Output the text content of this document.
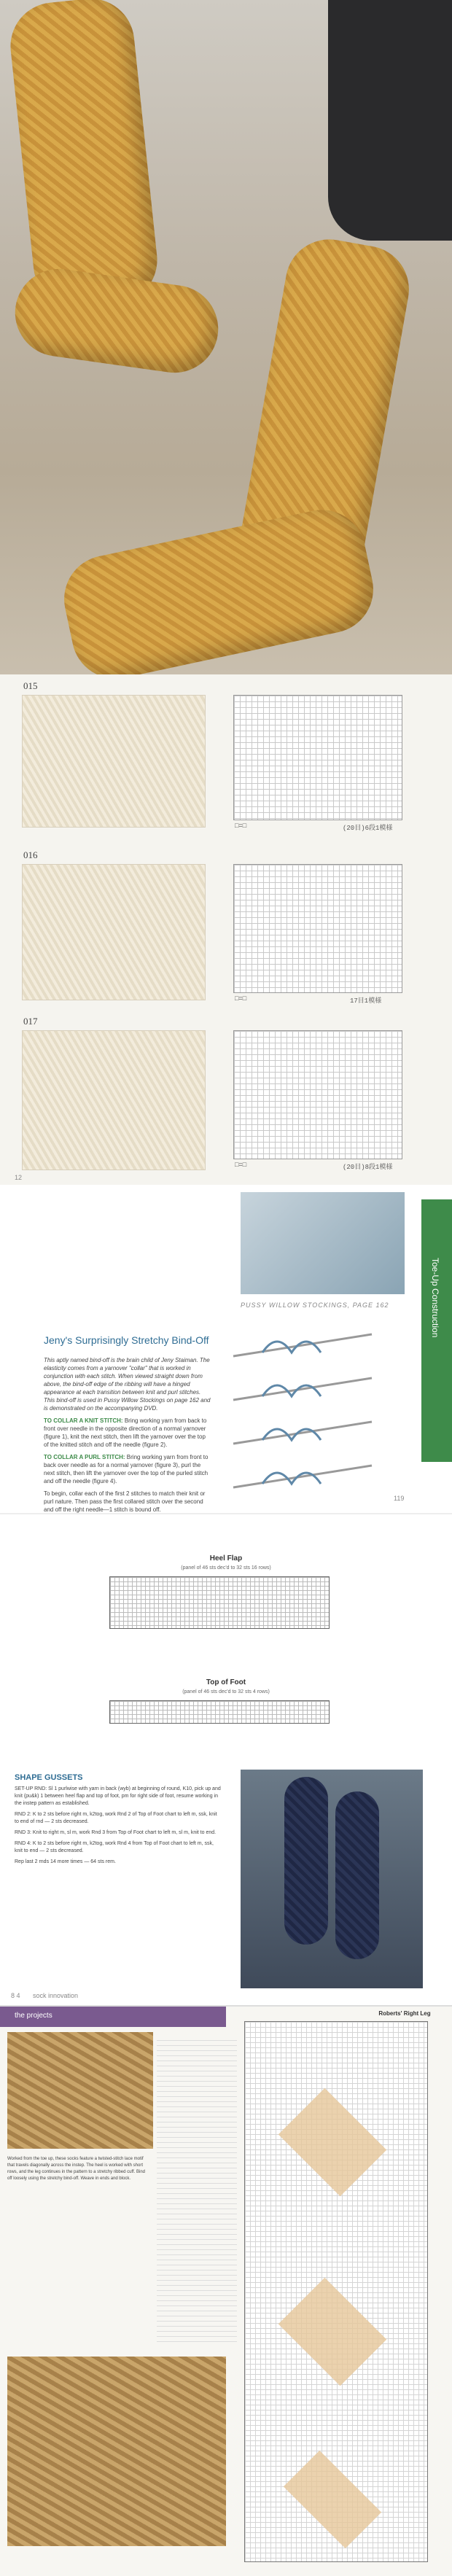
015
□=□	(20目)6段1模様
016
□=□	17目1模様
017
□=□	(20目)8段1模様
12
PUSSY WILLOW STOCKINGS, PAGE 162	Toe-Up Construction
Jeny's Surprisingly Stretchy Bind-Off

This aptly named bind-off is the brain child of Jeny Staiman. The elasticity comes from a yarnover "collar" that is worked in conjunction with each stitch. When viewed straight down from above, the bind-off edge of the ribbing will have a hinged appearance at each transition between knit and purl stitches. This bind-off is used in Pussy Willow Stockings on page 162 and is demonstrated on the accompanying DVD.

TO COLLAR A KNIT STITCH: Bring working yarn from back to front over needle in the opposite direction of a normal yarnover (figure 1), knit the next stitch, then lift the yarnover over the top of the knitted stitch and off the needle (figure 2).

TO COLLAR A PURL STITCH: Bring working yarn from front to back over needle as for a normal yarnover (figure 3), purl the next stitch, then lift the yarnover over the top of the purled stitch and off the needle (figure 4).

To begin, collar each of the first 2 stitches to match their knit or purl nature. Then pass the first collared stitch over the second and off the right needle—1 stitch is bound off.

119
Heel Flap
(panel of 46 sts dec'd to 32 sts 16 rows)
Top of Foot
(panel of 46 sts dec'd to 32 sts 4 rows)
SHAPE GUSSETS

SET-UP RND: Sl 1 purlwise with yarn in back (wyb) at beginning of round, K10, pick up and knit (pu&k) 1 between heel flap and top of foot, pm for right side of foot, resume working in the instep pattern as established.

RND 2: K to 2 sts before right m, k2tog, work Rnd 2 of Top of Foot chart to left m, ssk, knit to end of rnd — 2 sts decreased.

RND 3: Knit to right m, sl m, work Rnd 3 from Top of Foot chart to left m, sl m, knit to end.

RND 4: K to 2 sts before right m, k2tog, work Rnd 4 from Top of Foot chart to left m, ssk, knit to end — 2 sts decreased.

Rep last 2 rnds 14 more times — 64 sts rem.

8 4 sock innovation
the projects

Worked from the toe up, these socks feature a twisted-stitch lace motif that travels diagonally across the instep. The heel is worked with short rows, and the leg continues in the pattern to a stretchy ribbed cuff. Bind off loosely using the stretchy bind-off. Weave in ends and block.

Roberts' Right Leg
